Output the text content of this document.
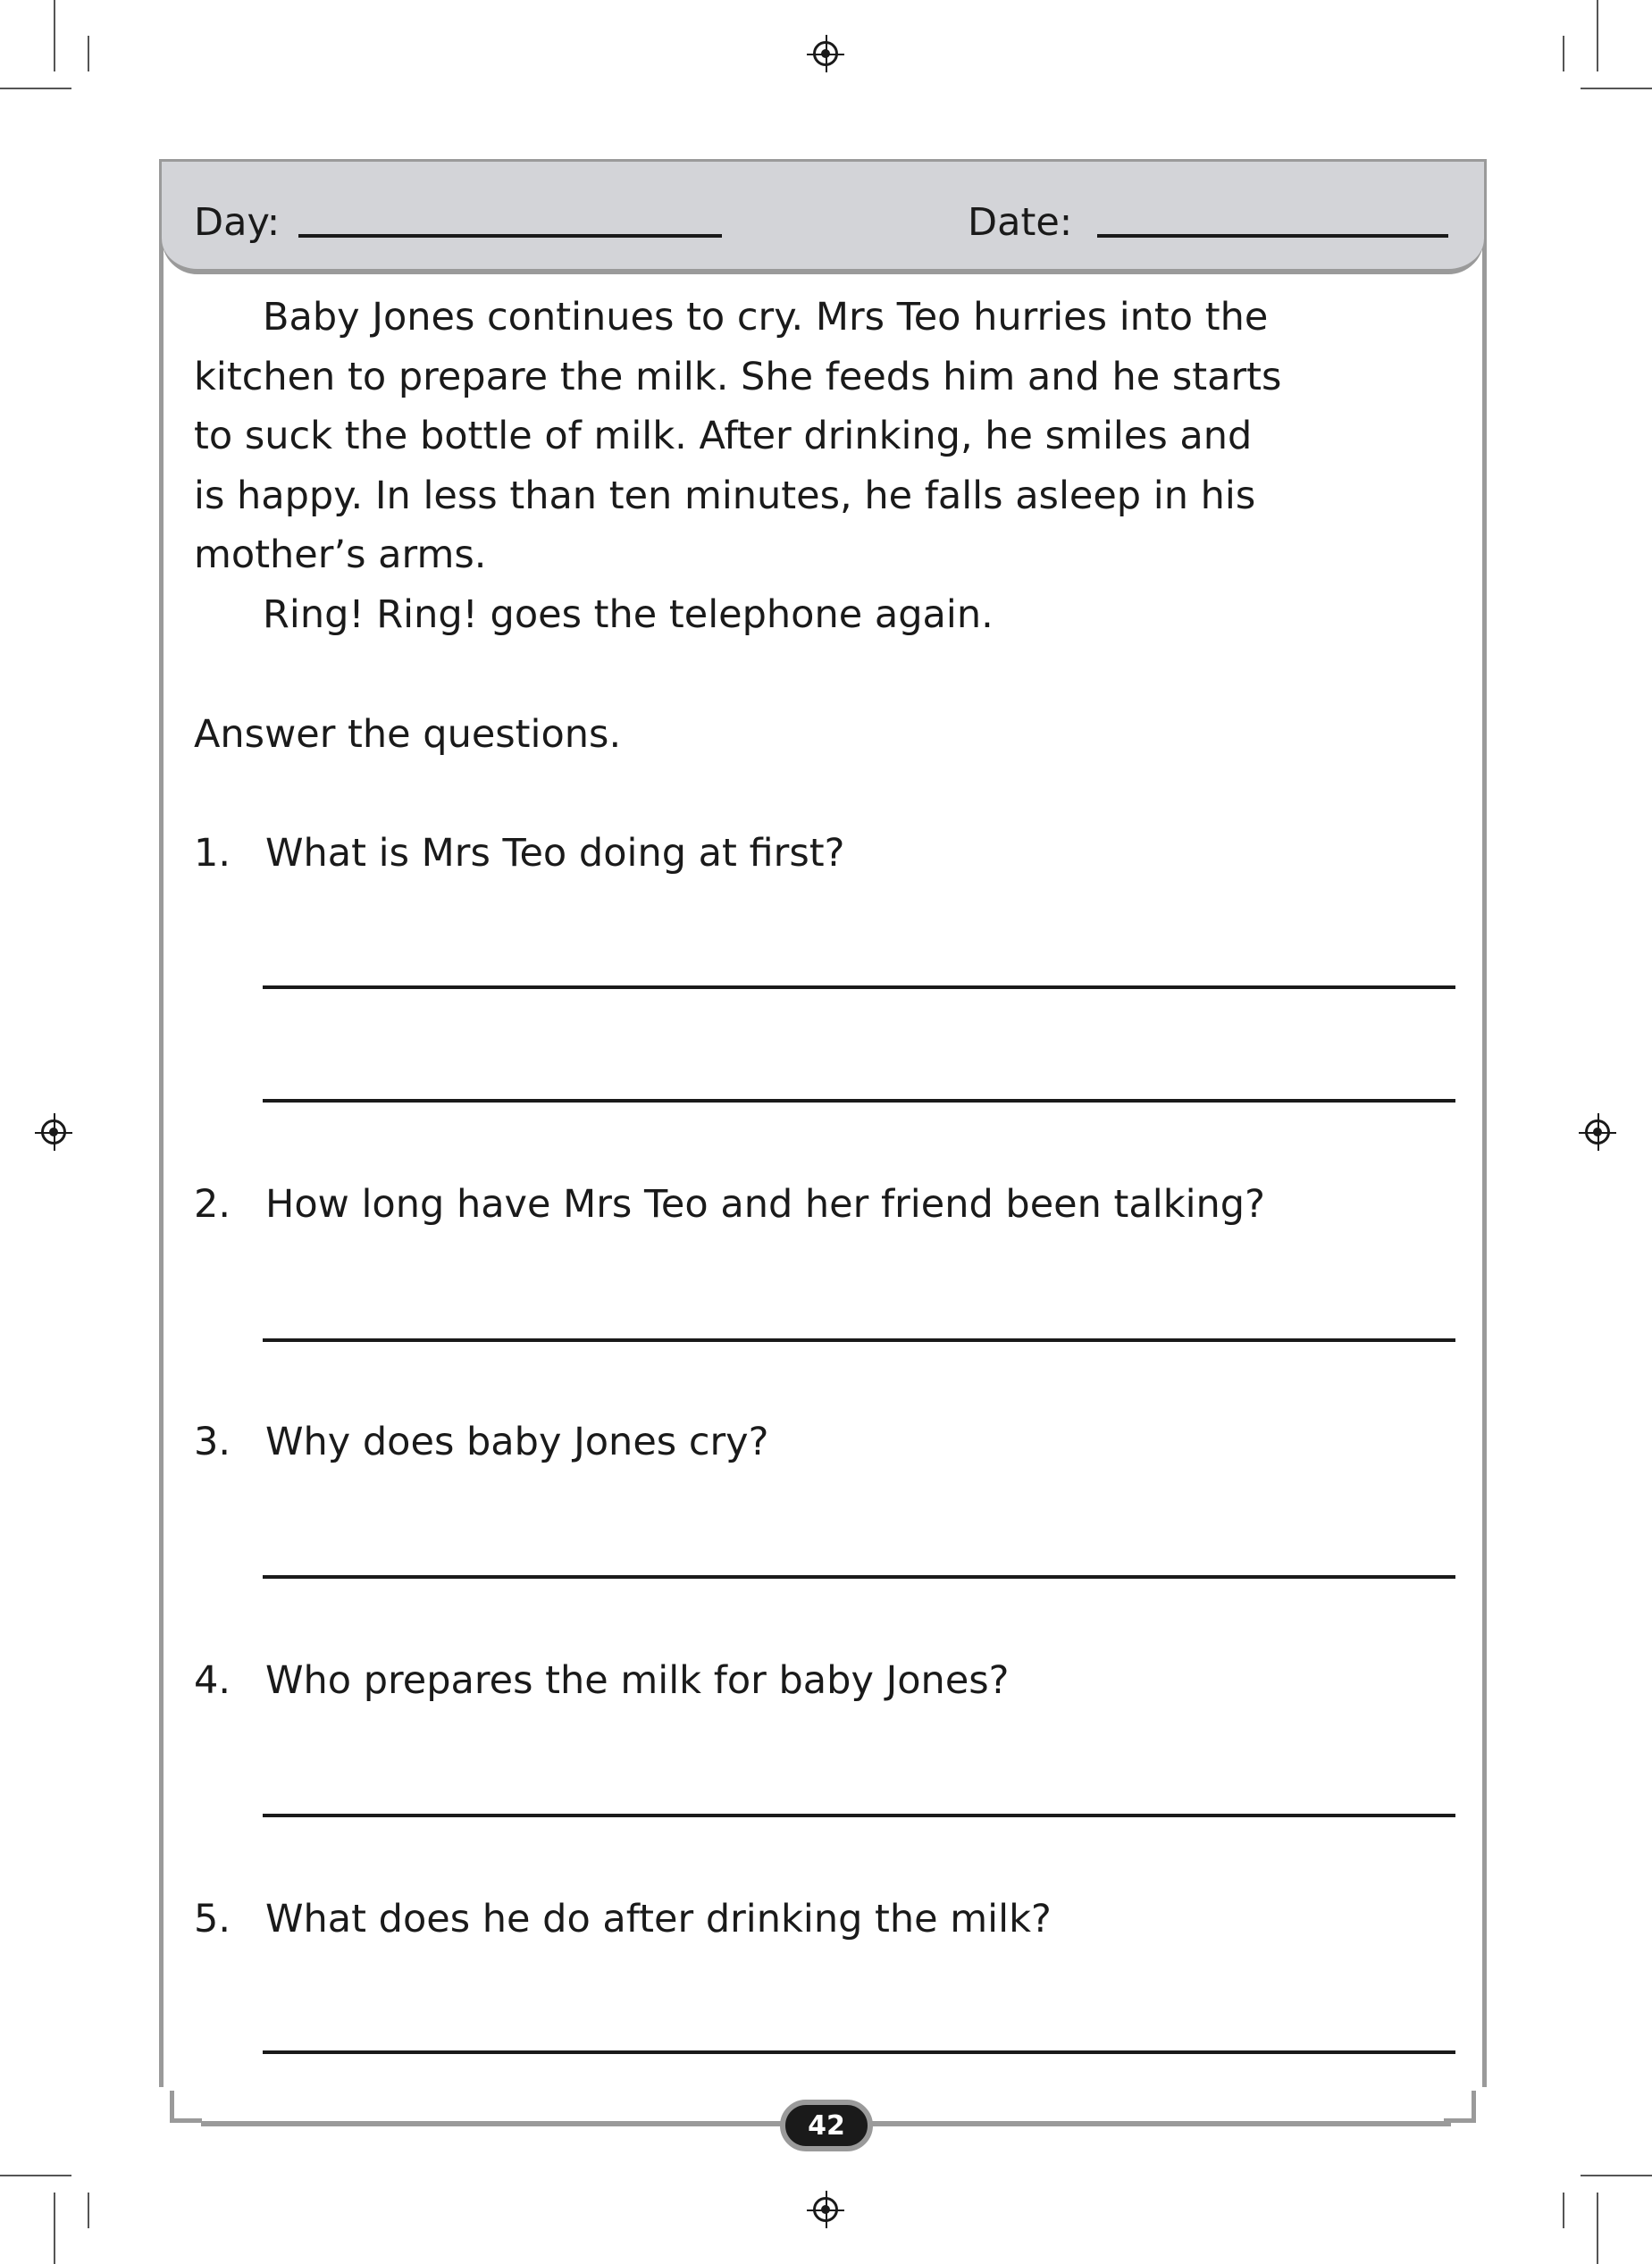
42
Day:	Date:
Baby Jones continues to cry. Mrs Teo hurries into the
kitchen to prepare the milk. She feeds him and he starts
to suck the bottle of milk. After drinking, he smiles and
is happy. In less than ten minutes, he falls asleep in his
mother’s arms.
Ring! Ring! goes the telephone again.
Answer the questions.
1. What is Mrs Teo doing at first?
2. How long have Mrs Teo and her friend been talking?
3. Why does baby Jones cry?
4. Who prepares the milk for baby Jones?
5. What does he do after drinking the milk?
